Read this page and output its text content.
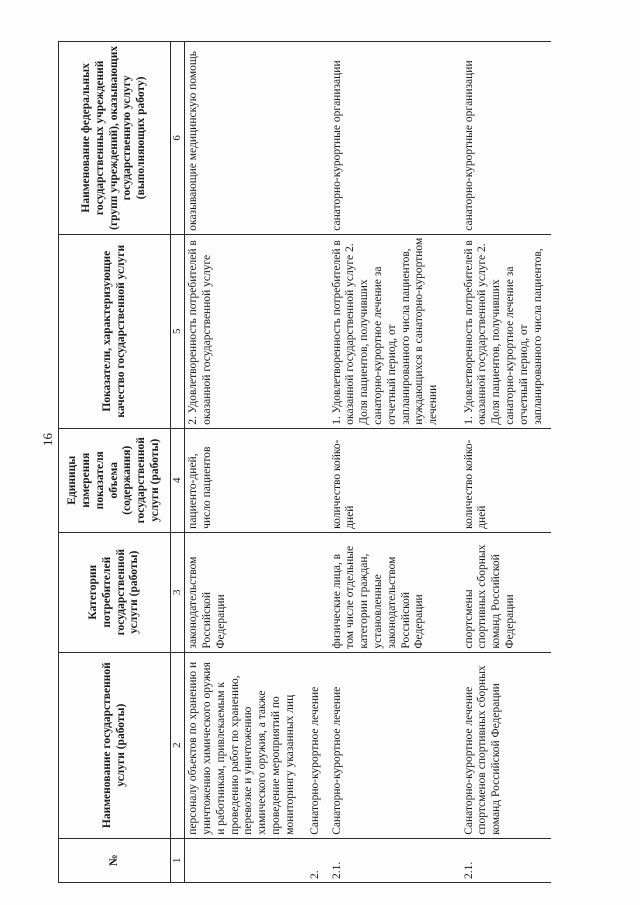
16
№	Наименование государственной услуги (работы)	Категории потребителей государственной услуги (работы)	Единицы измерения показателя объема (содержания) государственной услуги (работы)	Показатели, характеризующие качество государственной услуги	Наименование федеральных государственных учреждений (групп учреждений), оказывающих государственную услугу (выполняющих работу)
1	2	3	4	5	6
	персоналу объектов по хранению и уничтожению химического оружия и работникам, привлекаемым к проведению работ по хранению, перевозке и уничтожению химического оружия, а также проведение мероприятий по мониторингу указанных лиц	законодательством Российской Федерации	пациенто-дней, число пациентов	2. Удовлетворенность потребителей в оказанной государственной услуге	оказывающие медицинскую помощь
2.	Санаторно-курортное лечение				
2.1.	Санаторно-курортное лечение	физические лица, в том числе отдельные категории граждан, установленные законодательством Российской Федерации	количество койко-дней	1. Удовлетворенность потребителей в оказанной государственной услуге 2. Доля пациентов, получивших санаторно-курортное лечение за отчетный период, от запланированного числа пациентов, нуждающихся в санаторно-курортном лечении	санаторно-курортные организации
2.1.	Санаторно-курортное лечение спортсменов спортивных сборных команд Российской Федерации	спортсмены спортивных сборных команд Российской Федерации	количество койко-дней	1. Удовлетворенность потребителей в оказанной государственной услуге 2. Доля пациентов, получивших санаторно-курортное лечение за отчетный период, от запланированного числа пациентов,	санаторно-курортные организации
